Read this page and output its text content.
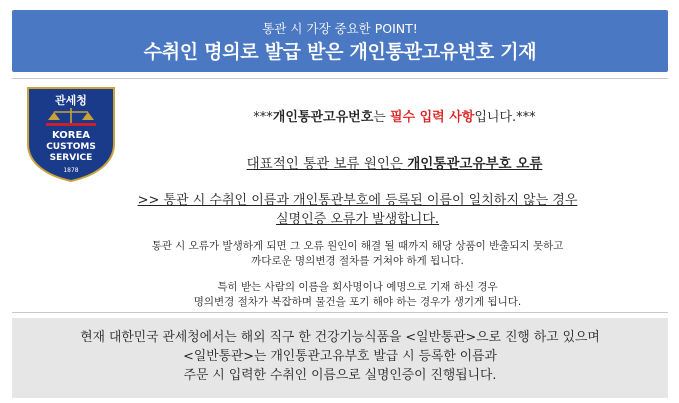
통관 시 가장 중요한 POINT!
수취인 명의로 발급 받은 개인통관고유번호 기재
관세청
KOREA
CUSTOMS
SERVICE
1878
***개인통관고유번호는 필수 입력 사항입니다.***
대표적인 통관 보류 원인은 개인통관고유부호 오류
>> 통관 시 수취인 이름과 개인통관부호에 등록된 이름이 일치하지 않는 경우
실명인증 오류가 발생합니다.
통관 시 오류가 발생하게 되면 그 오류 원인이 해결 될 때까지 해당 상품이 반출되지 못하고
까다로운 명의변경 절차를 거쳐야 하게 됩니다.
특히 받는 사람의 이름을 회사명이나 예명으로 기재 하신 경우
명의변경 절차가 복잡하며 물건을 포기 해야 하는 경우가 생기게 됩니다.
현재 대한민국 관세청에서는 해외 직구 한 건강기능식품을 <일반통관>으로 진행 하고 있으며
<일반통관>는 개인통관고유부호 발급 시 등록한 이름과
주문 시 입력한 수취인 이름으로 실명인증이 진행됩니다.
